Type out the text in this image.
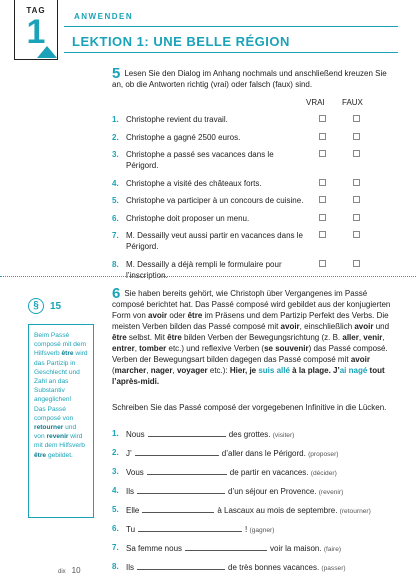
TAG
1	ANWENDEN
LEKTION 1: UNE BELLE RÉGION
5 Lesen Sie den Dialog im Anhang nochmals und anschließend kreuzen Sie an, ob die Antworten richtig (vrai) oder falsch (faux) sind.
VRAI FAUX
1. Christophe revient du travail.
2. Christophe a gagné 2500 euros.
3. Christophe a passé ses vacances dans le Périgord.
4. Christophe a visité des châteaux forts.
5. Christophe va participer à un concours de cuisine.
6. Christophe doit proposer un menu.
7. M. Dessailly veut aussi partir en vacances dans le Périgord.
8. M. Dessailly a déjà rempli le formulaire pour l’inscription.
§	15

Beim Passé composé mit dem Hilfsverb être wird das Partizip in Geschlecht und Zahl an das Substantiv angeglichen!

Das Passé composé von retourner und von revenir wird mit dem Hilfsverb être gebildet.

6 Sie haben bereits gehört, wie Christoph über Vergangenes im Passé composé berichtet hat. Das Passé composé wird gebildet aus der konjugierten Form von avoir oder être im Präsens und dem Partizip Perfekt des Verbs. Die meisten Verben bilden das Passé composé mit avoir, einschließlich avoir und être selbst. Mit être bilden Verben der Bewegungsrichtung (z. B. aller, venir, entrer, tomber etc.) und reflexive Verben (se souvenir) das Passé composé. Verben der Bewegungsart bilden dagegen das Passé composé mit avoir (marcher, nager, voyager etc.): Hier, je suis allé à la plage. J’ai nagé tout l’après-midi.
Schreiben Sie das Passé composé der vorgegebenen Infinitive in die Lücken.
1. Nous	des grottes. (visiter)
2. J’	d’aller dans le Périgord. (proposer)
3. Vous	de partir en vacances. (décider)
4. Ils	d’un séjour en Provence. (revenir)
5. Elle	à Lascaux au mois de septembre. (retourner)
6. Tu	! (gagner)
7. Sa femme nous	voir la maison. (faire)
8. Ils	de très bonnes vacances. (passer)
dix 10
